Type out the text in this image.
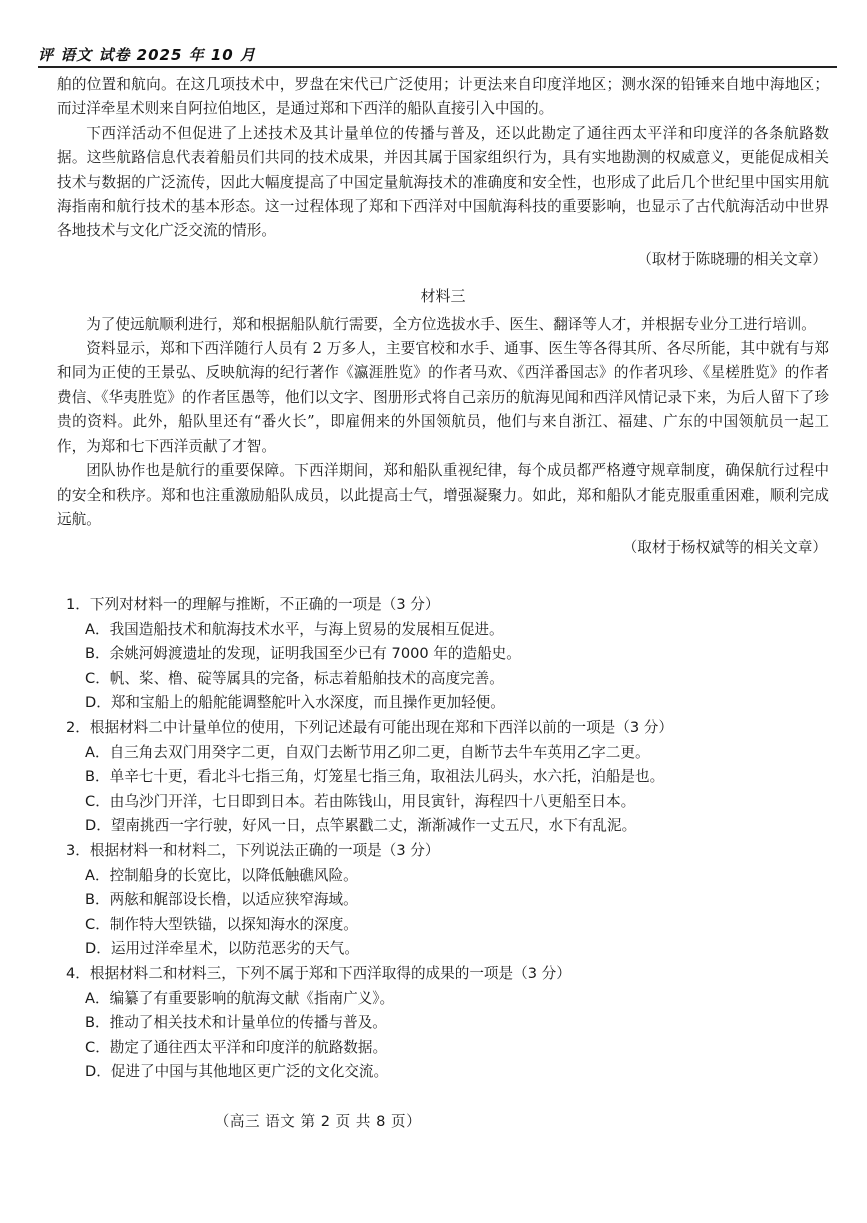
评 语文 试卷 2025 年 10 月

舶的位置和航向。在这几项技术中，罗盘在宋代已广泛使用；计更法来自印度洋地区；测水深的铅锤来自地中海地区；而过洋牵星术则来自阿拉伯地区，是通过郑和下西洋的船队直接引入中国的。

下西洋活动不但促进了上述技术及其计量单位的传播与普及，还以此勘定了通往西太平洋和印度洋的各条航路数据。这些航路信息代表着船员们共同的技术成果，并因其属于国家组织行为，具有实地勘测的权威意义，更能促成相关技术与数据的广泛流传，因此大幅度提高了中国定量航海技术的准确度和安全性，也形成了此后几个世纪里中国实用航海指南和航行技术的基本形态。这一过程体现了郑和下西洋对中国航海科技的重要影响，也显示了古代航海活动中世界各地技术与文化广泛交流的情形。

（取材于陈晓珊的相关文章）

材料三

为了使远航顺利进行，郑和根据船队航行需要，全方位选拔水手、医生、翻译等人才，并根据专业分工进行培训。

资料显示，郑和下西洋随行人员有 2 万多人，主要官校和水手、通事、医生等各得其所、各尽所能，其中就有与郑和同为正使的王景弘、反映航海的纪行著作《瀛涯胜览》的作者马欢、《西洋番国志》的作者巩珍、《星槎胜览》的作者费信、《华夷胜览》的作者匡愚等，他们以文字、图册形式将自己亲历的航海见闻和西洋风情记录下来，为后人留下了珍贵的资料。此外，船队里还有“番火长”，即雇佣来的外国领航员，他们与来自浙江、福建、广东的中国领航员一起工作，为郑和七下西洋贡献了才智。

团队协作也是航行的重要保障。下西洋期间，郑和船队重视纪律，每个成员都严格遵守规章制度，确保航行过程中的安全和秩序。郑和也注重激励船队成员，以此提高士气，增强凝聚力。如此，郑和船队才能克服重重困难，顺利完成远航。

（取材于杨权斌等的相关文章）

1．下列对材料一的理解与推断，不正确的一项是（3 分）

A．我国造船技术和航海技术水平，与海上贸易的发展相互促进。

B．余姚河姆渡遗址的发现，证明我国至少已有 7000 年的造船史。

C．帆、桨、橹、碇等属具的完备，标志着船舶技术的高度完善。

D．郑和宝船上的船舵能调整舵叶入水深度，而且操作更加轻便。

2．根据材料二中计量单位的使用，下列记述最有可能出现在郑和下西洋以前的一项是（3 分）

A．自三角去双门用癸字二更，自双门去断节用乙卯二更，自断节去牛车英用乙字二更。

B．单辛七十更，看北斗七指三角，灯笼星七指三角，取祖法儿码头，水六托，泊船是也。

C．由乌沙门开洋，七日即到日本。若由陈钱山，用艮寅针，海程四十八更船至日本。

D．望南挑西一字行驶，好风一日，点竿累戳二丈，渐渐减作一丈五尺，水下有乱泥。

3．根据材料一和材料二，下列说法正确的一项是（3 分）

A．控制船身的长宽比，以降低触礁风险。

B．两舷和艉部设长橹，以适应狭窄海域。

C．制作特大型铁锚，以探知海水的深度。

D．运用过洋牵星术，以防范恶劣的天气。

4．根据材料二和材料三，下列不属于郑和下西洋取得的成果的一项是（3 分）

A．编纂了有重要影响的航海文献《指南广义》。

B．推动了相关技术和计量单位的传播与普及。

C．勘定了通往西太平洋和印度洋的航路数据。

D．促进了中国与其他地区更广泛的文化交流。

（高三 语文 第 2 页 共 8 页）
